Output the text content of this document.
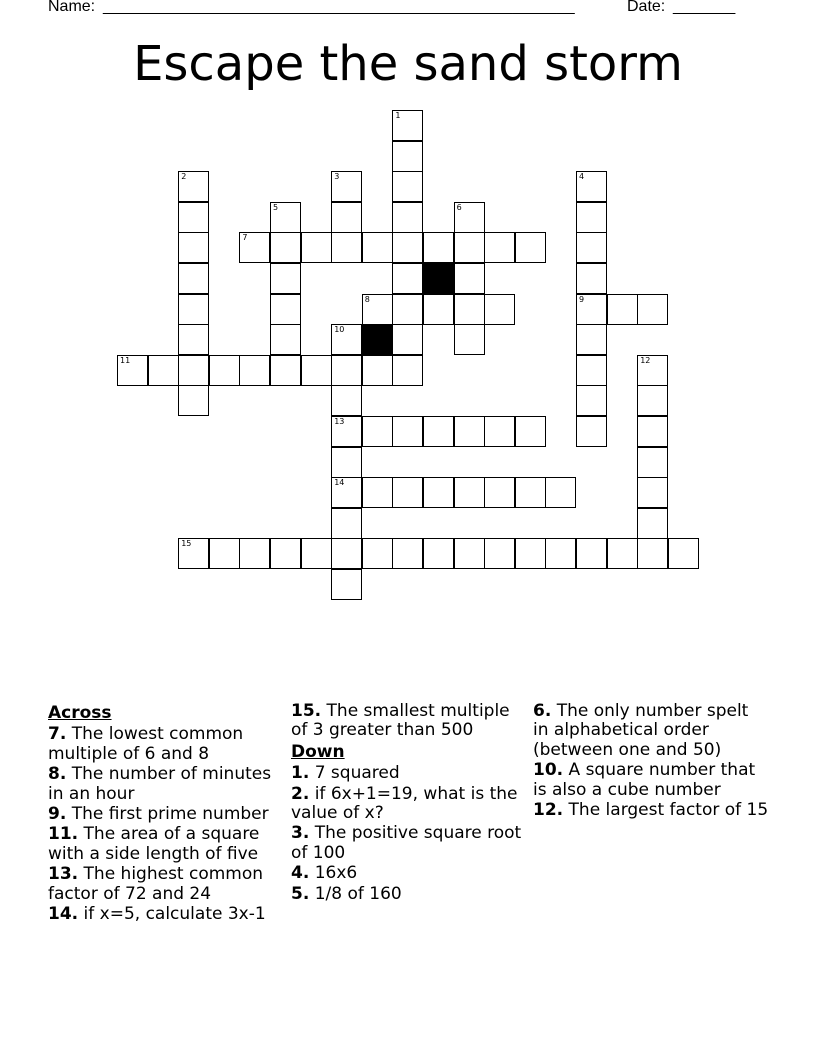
Name: _____________________________________________________	Date: _______
Escape the sand storm
1
2	3	4
5	6
7
8	9
10
11	12
13
14
15
Across
7. The lowest common multiple of 6 and 8
8. The number of minutes in an hour
9. The first prime number
11. The area of a square with a side length of five
13. The highest common factor of 72 and 24
14. if x=5, calculate 3x-1
15. The smallest multiple of 3 greater than 500
Down
1. 7 squared
2. if 6x+1=19, what is the value of x?
3. The positive square root of 100
4. 16x6
5. 1/8 of 160
6. The only number spelt in alphabetical order (between one and 50)
10. A square number that is also a cube number
12. The largest factor of 15
